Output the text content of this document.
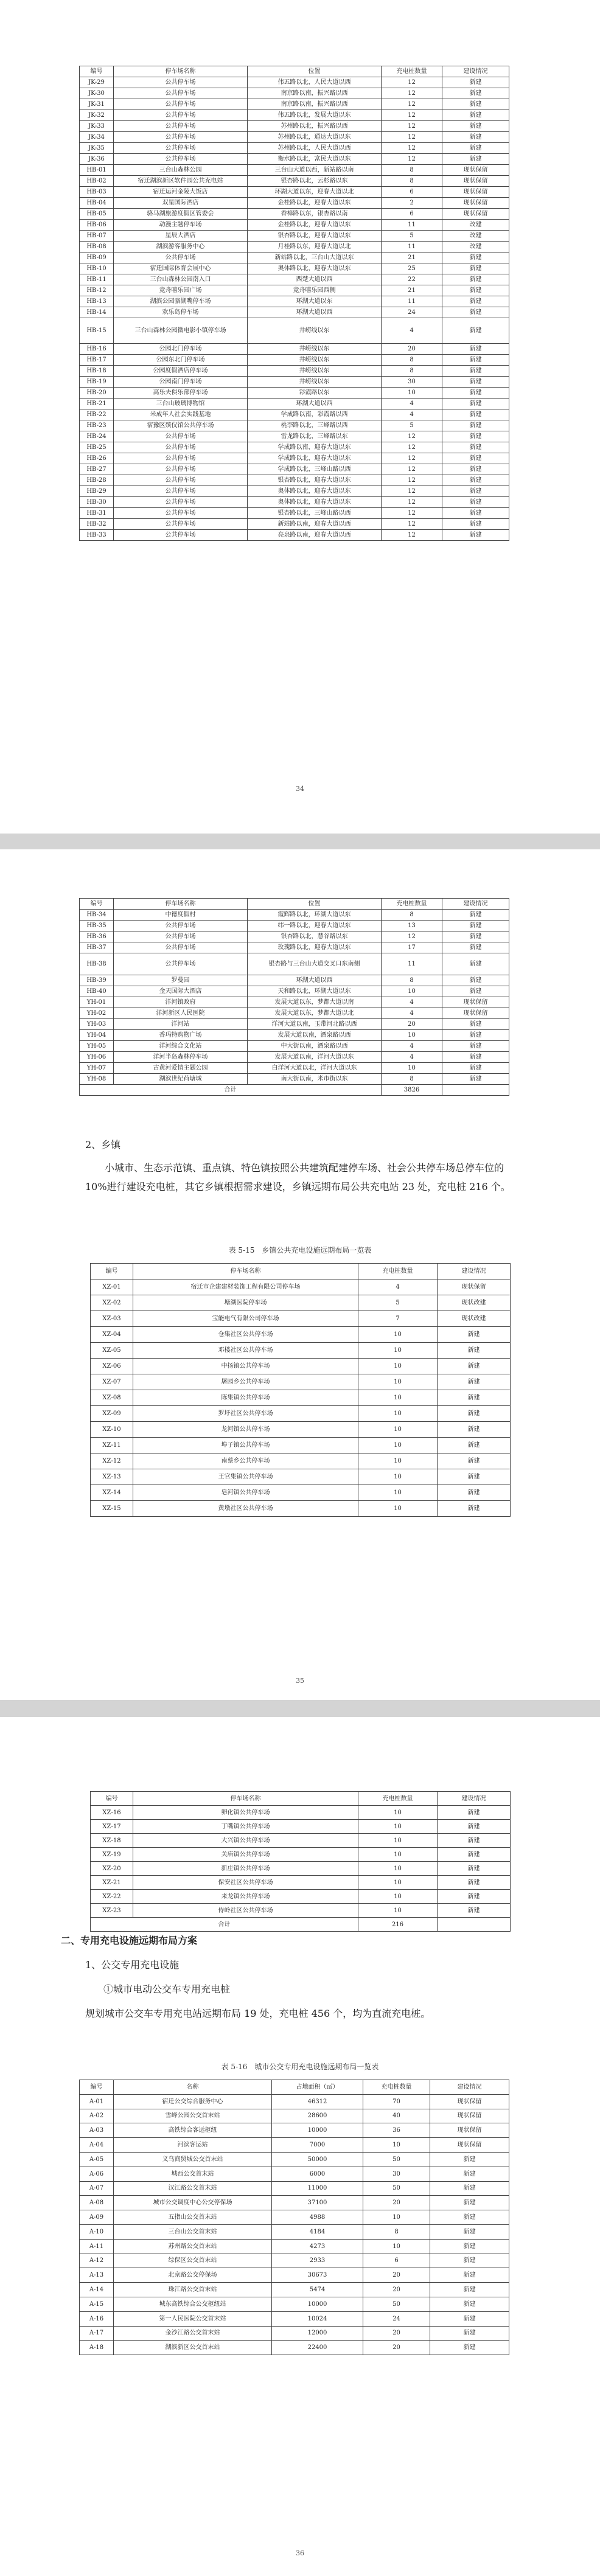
编号	停车场名称	位置	充电桩数量	建设情况
JK-29	公共停车场	伟五路以北，人民大道以西	12	新建
JK-30	公共停车场	南京路以南，振兴路以西	12	新建
JK-31	公共停车场	南京路以南，振兴路以西	12	新建
JK-32	公共停车场	伟五路以北，发展大道以东	12	新建
JK-33	公共停车场	苏州路以北，振兴路以西	12	新建
JK-34	公共停车场	苏州路以北，通达大道以东	12	新建
JK-35	公共停车场	苏州路以北，人民大道以西	12	新建
JK-36	公共停车场	衡水路以北，富民大道以东	12	新建
HB-01	三台山森林公园	三台山大道以西，新站路以南	8	现状保留
HB-02	宿迁湖滨新区软件园公共充电站	银杏路以北，云杉路以东	8	现状保留
HB-03	宿迁运河金陵大饭店	环湖大道以东，迎春大道以北	6	现状保留
HB-04	双星国际酒店	金桂路以北，迎春大道以东	2	现状保留
HB-05	骆马湖旅游度假区管委会	香樟路以东，银杏路以南	6	现状保留
HB-06	动漫主题停车场	金桂路以北，迎春大道以东	11	改建
HB-07	星辰大酒店	银杏路以北，迎春大道以东	5	改建
HB-08	湖滨游客服务中心	月桂路以东，迎春大道以北	11	改建
HB-09	公共停车场	新站路以北，三台山大道以东	21	新建
HB-10	宿迁国际体育会展中心	奥体路以北，迎春大道以东	25	新建
HB-11	三台山森林公园南入口	西楚大道以西	22	新建
HB-12	竞舟嘻乐园广场	竞舟嘻乐园西侧	21	新建
HB-13	湖滨公园骆湖嘴停车场	环湖大道以东	11	新建
HB-14	欢乐岛停车场	环湖大道以西	24	新建
HB-15	三台山森林公园微电影小镇停车场	井崂线以东	4	新建
HB-16	公园北门停车场	井崂线以东	20	新建
HB-17	公园东北门停车场	井崂线以东	8	新建
HB-18	公园度假酒店停车场	井崂线以东	8	新建
HB-19	公园南门停车场	井崂线以东	30	新建
HB-20	高乐夫俱乐部停车场	彩霞路以东	10	新建
HB-21	三台山玻璃博物馆	环湖大道以西	4	新建
HB-22	米成年人社会实践基地	学成路以南，彩霞路以西	4	新建
HB-23	宿豫区殡仪馆公共停车场	桃李路以北，三峰路以西	5	新建
HB-24	公共停车场	雷龙路以北，三峰路以东	12	新建
HB-25	公共停车场	学成路以南，迎春大道以东	12	新建
HB-26	公共停车场	学成路以北，迎春大道以东	12	新建
HB-27	公共停车场	学成路以北，三峰山路以西	12	新建
HB-28	公共停车场	银杏路以北，迎春大道以东	12	新建
HB-29	公共停车场	奥体路以北，迎春大道以东	12	新建
HB-30	公共停车场	奥体路以北，迎春大道以东	12	新建
HB-31	公共停车场	银杏路以北，三峰山路以西	12	新建
HB-32	公共停车场	新站路以南，迎春大道以西	12	新建
HB-33	公共停车场	亮泉路以南，迎春大道以西	12	新建
34
编号	停车场名称	位置	充电桩数量	建设情况
HB-34	中德度假村	霞辉路以北，环湖大道以东	8	新建
HB-35	公共停车场	纬一路以北，迎春大道以东	13	新建
HB-36	公共停车场	银杏路以北，慧谷路以东	12	新建
HB-37	公共停车场	玫瑰路以北，迎春大道以东	17	新建
HB-38	公共停车场	银杏路与三台山大道交叉口东南侧	11	新建
HB-39	罗曼园	环湖大道以西	8	新建
HB-40	金天国际大酒店	天和路以北，环湖大道以东	10	新建
YH-01	洋河镇政府	发展大道以东，梦都大道以南	4	现状保留
YH-02	洋河新区人民医院	发展大道以东，梦都大道以北	4	现状保留
YH-03	洋河站	洋河大道以南，玉带河北路以西	20	新建
YH-04	香玛特购物广场	发展大道以南，酒泉路以西	10	新建
YH-05	洋河综合文化站	中大街以南，酒泉路以西	4	新建
YH-06	洋河半岛森林停车场	发展大道以南，洋河大道以东	4	新建
YH-07	古黄河爱情主题公园	白洋河大道以北，洋河大道以东	10	新建
YH-08	湖滨世纪荷塘城	南大街以南，米市街以东	8	新建
合计			3826	
2、乡镇
小城市、生态示范镇、重点镇、特色镇按照公共建筑配建停车场、社会公共停车场总停车位的 10%进行建设充电桩，其它乡镇根据需求建设，乡镇远期布局公共充电站 23 处，充电桩 216 个。
表 5-15　乡镇公共充电设施远期布局一览表
编号	停车场名称	充电桩数量	建设情况
XZ-01	宿迁市企建建材装饰工程有限公司停车场	4	现状保留
XZ-02	塘湖医院停车场	5	现状改建
XZ-03	宝能电气有限公司停车场	7	现状改建
XZ-04	仓集社区公共停车场	10	新建
XZ-05	邓楼社区公共停车场	10	新建
XZ-06	中扬镇公共停车场	10	新建
XZ-07	屠园乡公共停车场	10	新建
XZ-08	陈集镇公共停车场	10	新建
XZ-09	罗圩社区公共停车场	10	新建
XZ-10	龙河镇公共停车场	10	新建
XZ-11	埠子镇公共停车场	10	新建
XZ-12	南蔡乡公共停车场	10	新建
XZ-13	王官集镇公共停车场	10	新建
XZ-14	皂河镇公共停车场	10	新建
XZ-15	黄墩社区公共停车场	10	新建
35
编号	停车场名称	充电桩数量	建设情况
XZ-16	卵化镇公共停车场	10	新建
XZ-17	丁嘴镇公共停车场	10	新建
XZ-18	大兴镇公共停车场	10	新建
XZ-19	关庙镇公共停车场	10	新建
XZ-20	新庄镇公共停车场	10	新建
XZ-21	保安社区公共停车场	10	新建
XZ-22	来龙镇公共停车场	10	新建
XZ-23	侍岭社区公共停车场	10	新建
合计		216	
二、专用充电设施远期布局方案
1、公交专用充电设施
①城市电动公交车专用充电桩
规划城市公交车专用充电站远期布局 19 处，充电桩 456 个，均为直流充电桩。
表 5-16　城市公交专用充电设施远期布局一览表
编号	名称	占地面积（㎡）	充电桩数量	建设情况
A-01	宿迁公交综合服务中心	46312	70	现状保留
A-02	雪峰公园公交首末站	28600	40	现状保留
A-03	高铁综合客运枢纽	10000	36	现状保留
A-04	河滨客运站	7000	10	现状保留
A-05	义乌商贸城公交首末站	50000	50	新建
A-06	城西公交首末站	6000	30	新建
A-07	汉江路公交首末站	11000	50	新建
A-08	城市公交调度中心公交停保场	37100	20	新建
A-09	五指山公交首末站	4988	10	新建
A-10	三台山公交首末站	4184	8	新建
A-11	苏州路公交首末站	4273	10	新建
A-12	综保区公交首末站	2933	6	新建
A-13	北京路公交停保场	30673	20	新建
A-14	珠江路公交首末站	5474	20	新建
A-15	城东高铁综合公交枢纽站	10000	50	新建
A-16	第一人民医院公交首末站	10024	24	新建
A-17	金沙江路公交首末站	12000	20	新建
A-18	湖滨新区公交首末站	22400	20	新建
36
